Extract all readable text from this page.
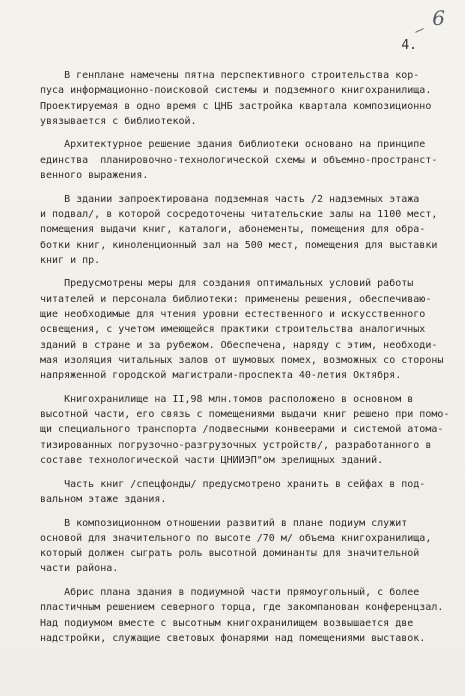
6
4.
В генплане намечены пятна перспективного строительства кор-
пуса информационно-поисковой системы и подземного книгохранилища.
Проектируемая в одно время с ЦНБ застройка квартала композиционно
увязывается с библиотекой.
Архитектурное решение здания библиотеки основано на принципе
единства  планировочно-технологической схемы и объемно-пространст-
венного выражения.
В здании запроектирована подземная часть /2 надземных этажа
и подвал/, в которой сосредоточены читательские залы на 1100 мест,
помещения выдачи книг, каталоги, абонементы, помещения для обра-
ботки книг, киноленционный зал на 500 мест, помещения для выставки
книг и пр.
Предусмотрены меры для создания оптимальных условий работы
читателей и персонала библиотеки: применены решения, обеспечиваю-
щие необходимые для чтения уровни естественного и искусственного
освещения, с учетом имеющейся практики строительства аналогичных
зданий в стране и за рубежом. Обеспечена, наряду с этим, необходи-
мая изоляция читальных залов от шумовых помех, возможных со стороны
напряженной городской магистрали-проспекта 40-летия Октября.
Книгохранилище на II,98 млн.томов расположено в основном в
высотной части, его связь с помещениями выдачи книг решено при помо-
щи специального транспорта /подвесными конвеерами и системой атома-
тизированных погрузочно-разгрузочных устройств/, разработанного в
составе технологической части ЦНИИЭП"ом зрелищных зданий.
Часть книг /спецфонды/ предусмотрено хранить в сейфах в под-
вальном этаже здания.
В композиционном отношении развитий в плане подиум служит
основой для значительного по высоте /70 м/ объема книгохранилища,
который должен сыграть роль высотной доминанты для значительной
части района.
Абрис плана здания в подиумной части прямоугольный, с более
пластичным решением северного торца, где закомпанован конференцзал.
Над подиумом вместе с высотным книгохранилищем возвышается две
надстройки, служащие световых фонарями над помещениями выставок.
